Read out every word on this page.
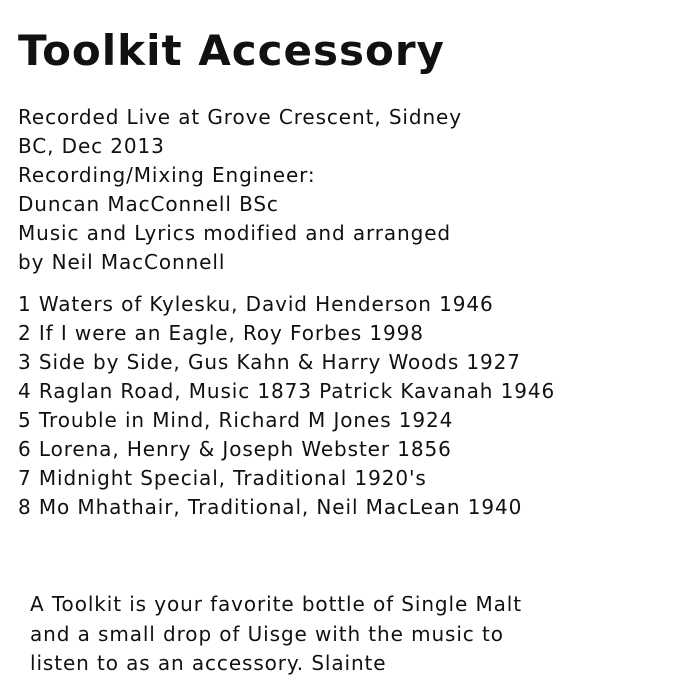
Toolkit Accessory
Recorded Live at Grove Crescent, Sidney
BC, Dec 2013
Recording/Mixing Engineer:
Duncan MacConnell BSc
Music and Lyrics modified and arranged
by Neil MacConnell
1 Waters of Kylesku, David Henderson 1946
2 If I were an Eagle, Roy Forbes 1998
3 Side by Side, Gus Kahn & Harry Woods 1927
4 Raglan Road, Music 1873 Patrick Kavanah 1946
5 Trouble in Mind, Richard M Jones 1924
6 Lorena, Henry & Joseph Webster 1856
7 Midnight Special, Traditional 1920's
8 Mo Mhathair, Traditional, Neil MacLean 1940
A Toolkit is your favorite bottle of Single Malt
and a small drop of Uisge with the music to
listen to as an accessory. Slainte
